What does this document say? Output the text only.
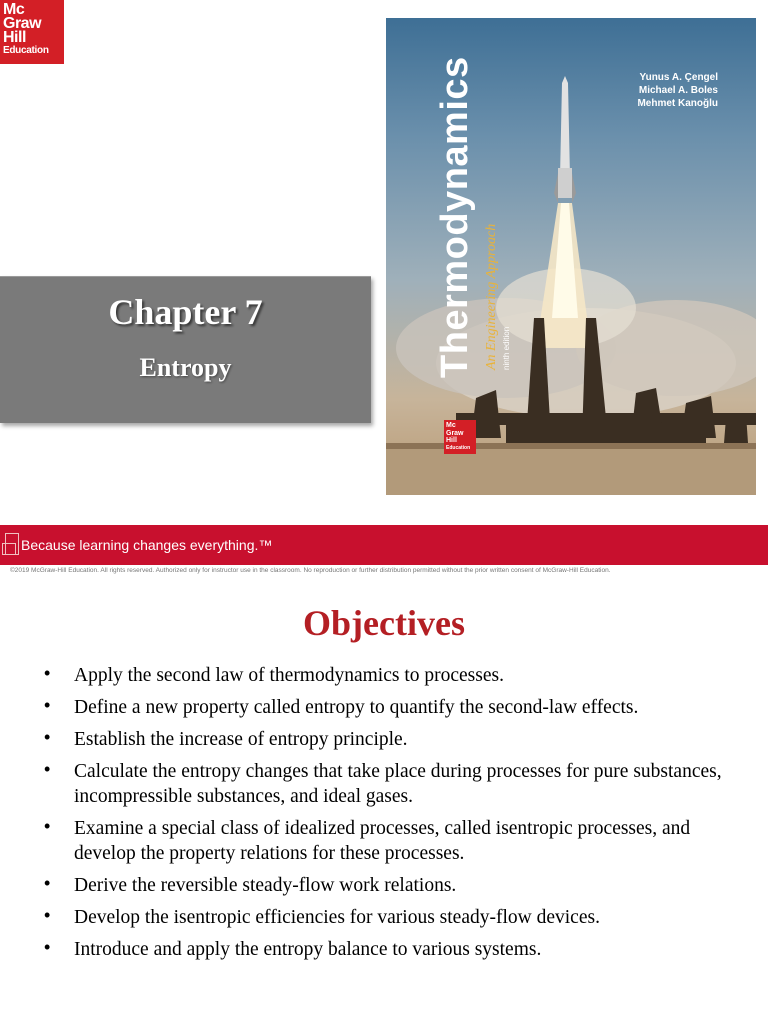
Mc
Graw
Hill
Education
Chapter 7
Entropy	Thermodynamics An Engineering Approach ninth edition
Yunus A. Çengel
Michael A. Boles
Mehmet Kanoğlu
Mc
Graw
Hill
Education
Because learning changes everything.™
©2019 McGraw-Hill Education. All rights reserved. Authorized only for instructor use in the classroom. No reproduction or further distribution permitted without the prior written consent of McGraw-Hill Education.
Objectives
• Apply the second law of thermodynamics to processes.
• Define a new property called entropy to quantify the second-law effects.
• Establish the increase of entropy principle.
• Calculate the entropy changes that take place during processes for pure substances, incompressible substances, and ideal gases.
• Examine a special class of idealized processes, called isentropic processes, and develop the property relations for these processes.
• Derive the reversible steady-flow work relations.
• Develop the isentropic efficiencies for various steady-flow devices.
• Introduce and apply the entropy balance to various systems.
